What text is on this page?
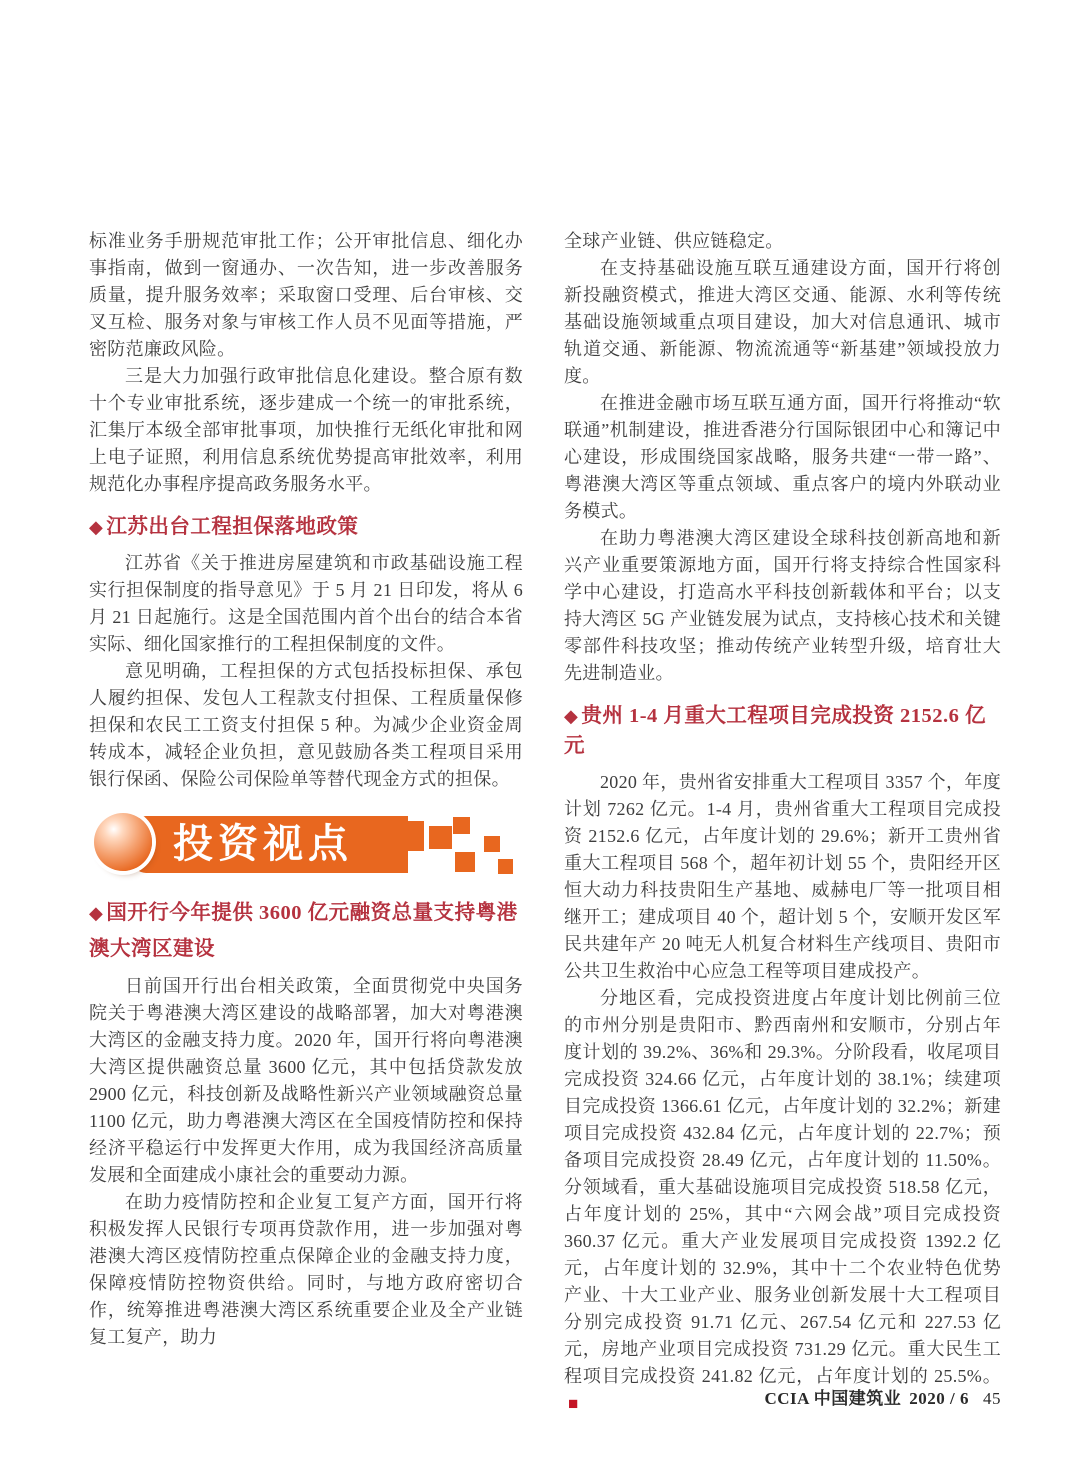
标准业务手册规范审批工作；公开审批信息、细化办事指南，做到一窗通办、一次告知，进一步改善服务质量，提升服务效率；采取窗口受理、后台审核、交叉互检、服务对象与审核工作人员不见面等措施，严密防范廉政风险。

三是大力加强行政审批信息化建设。整合原有数十个专业审批系统，逐步建成一个统一的审批系统，汇集厅本级全部审批事项，加快推行无纸化审批和网上电子证照，利用信息系统优势提高审批效率，利用规范化办事程序提高政务服务水平。

◆ 江苏出台工程担保落地政策

江苏省《关于推进房屋建筑和市政基础设施工程实行担保制度的指导意见》于 5 月 21 日印发，将从 6 月 21 日起施行。这是全国范围内首个出台的结合本省实际、细化国家推行的工程担保制度的文件。

意见明确，工程担保的方式包括投标担保、承包人履约担保、发包人工程款支付担保、工程质量保修担保和农民工工资支付担保 5 种。为减少企业资金周转成本，减轻企业负担，意见鼓励各类工程项目采用银行保函、保险公司保险单等替代现金方式的担保。

投资视点
◆ 国开行今年提供 3600 亿元融资总量支持粤港澳大湾区建设

日前国开行出台相关政策，全面贯彻党中央国务院关于粤港澳大湾区建设的战略部署，加大对粤港澳大湾区的金融支持力度。2020 年，国开行将向粤港澳大湾区提供融资总量 3600 亿元，其中包括贷款发放 2900 亿元，科技创新及战略性新兴产业领域融资总量 1100 亿元，助力粤港澳大湾区在全国疫情防控和保持经济平稳运行中发挥更大作用，成为我国经济高质量发展和全面建成小康社会的重要动力源。

在助力疫情防控和企业复工复产方面，国开行将积极发挥人民银行专项再贷款作用，进一步加强对粤港澳大湾区疫情防控重点保障企业的金融支持力度，保障疫情防控物资供给。同时，与地方政府密切合作，统筹推进粤港澳大湾区系统重要企业及全产业链复工复产，助力

全球产业链、供应链稳定。

在支持基础设施互联互通建设方面，国开行将创新投融资模式，推进大湾区交通、能源、水利等传统基础设施领域重点项目建设，加大对信息通讯、城市轨道交通、新能源、物流流通等“新基建”领域投放力度。

在推进金融市场互联互通方面，国开行将推动“软联通”机制建设，推进香港分行国际银团中心和簿记中心建设，形成围绕国家战略，服务共建“一带一路”、粤港澳大湾区等重点领域、重点客户的境内外联动业务模式。

在助力粤港澳大湾区建设全球科技创新高地和新兴产业重要策源地方面，国开行将支持综合性国家科学中心建设，打造高水平科技创新载体和平台；以支持大湾区 5G 产业链发展为试点，支持核心技术和关键零部件科技攻坚；推动传统产业转型升级，培育壮大先进制造业。

◆ 贵州 1-4 月重大工程项目完成投资 2152.6 亿元

2020 年，贵州省安排重大工程项目 3357 个，年度计划 7262 亿元。1-4 月，贵州省重大工程项目完成投资 2152.6 亿元，占年度计划的 29.6%；新开工贵州省重大工程项目 568 个，超年初计划 55 个，贵阳经开区恒大动力科技贵阳生产基地、威赫电厂等一批项目相继开工；建成项目 40 个，超计划 5 个，安顺开发区军民共建年产 20 吨无人机复合材料生产线项目、贵阳市公共卫生救治中心应急工程等项目建成投产。

分地区看，完成投资进度占年度计划比例前三位的市州分别是贵阳市、黔西南州和安顺市，分别占年度计划的 39.2%、36%和 29.3%。分阶段看，收尾项目完成投资 324.66 亿元，占年度计划的 38.1%；续建项目完成投资 1366.61 亿元，占年度计划的 32.2%；新建项目完成投资 432.84 亿元，占年度计划的 22.7%；预备项目完成投资 28.49 亿元，占年度计划的 11.50%。分领域看，重大基础设施项目完成投资 518.58 亿元，占年度计划的 25%，其中“六网会战”项目完成投资 360.37 亿元。重大产业发展项目完成投资 1392.2 亿元，占年度计划的 32.9%，其中十二个农业特色优势产业、十大工业产业、服务业创新发展十大工程项目分别完成投资 91.71 亿元、267.54 亿元和 227.53 亿元，房地产业项目完成投资 731.29 亿元。重大民生工程项目完成投资 241.82 亿元，占年度计划的 25.5%。■	CCIA 中国建筑业 2020 / 6 45
